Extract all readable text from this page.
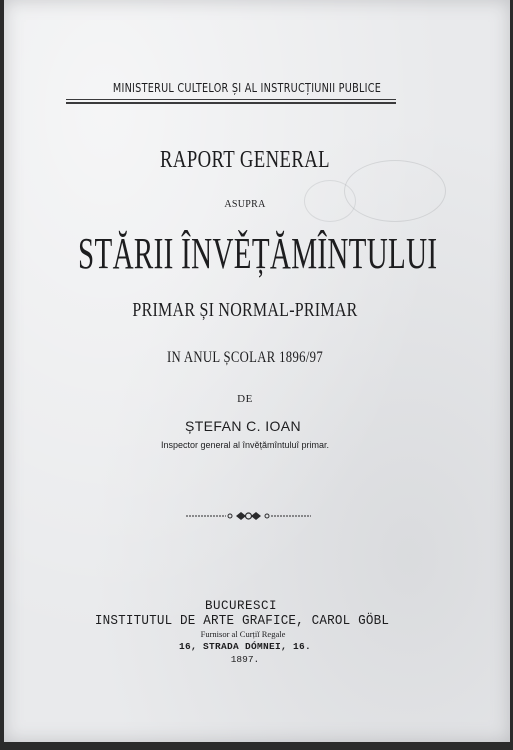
MINISTERUL CULTELOR ȘI AL INSTRUCȚIUNII PUBLICE
RAPORT GENERAL
ASUPRA
STĂRII ÎNVĚȚĂMÎNTULUI
PRIMAR ȘI NORMAL-PRIMAR
IN ANUL ȘCOLAR 1896/97
DE
ȘTEFAN C. IOAN
Inspector general al învěțămîntuluî primar.
BUCURESCI
INSTITUTUL DE ARTE GRAFICE, CAROL GÖBL
Furnisor al Curțiĭ Regale
16, STRADA DÓMNEI, 16.
1897.
